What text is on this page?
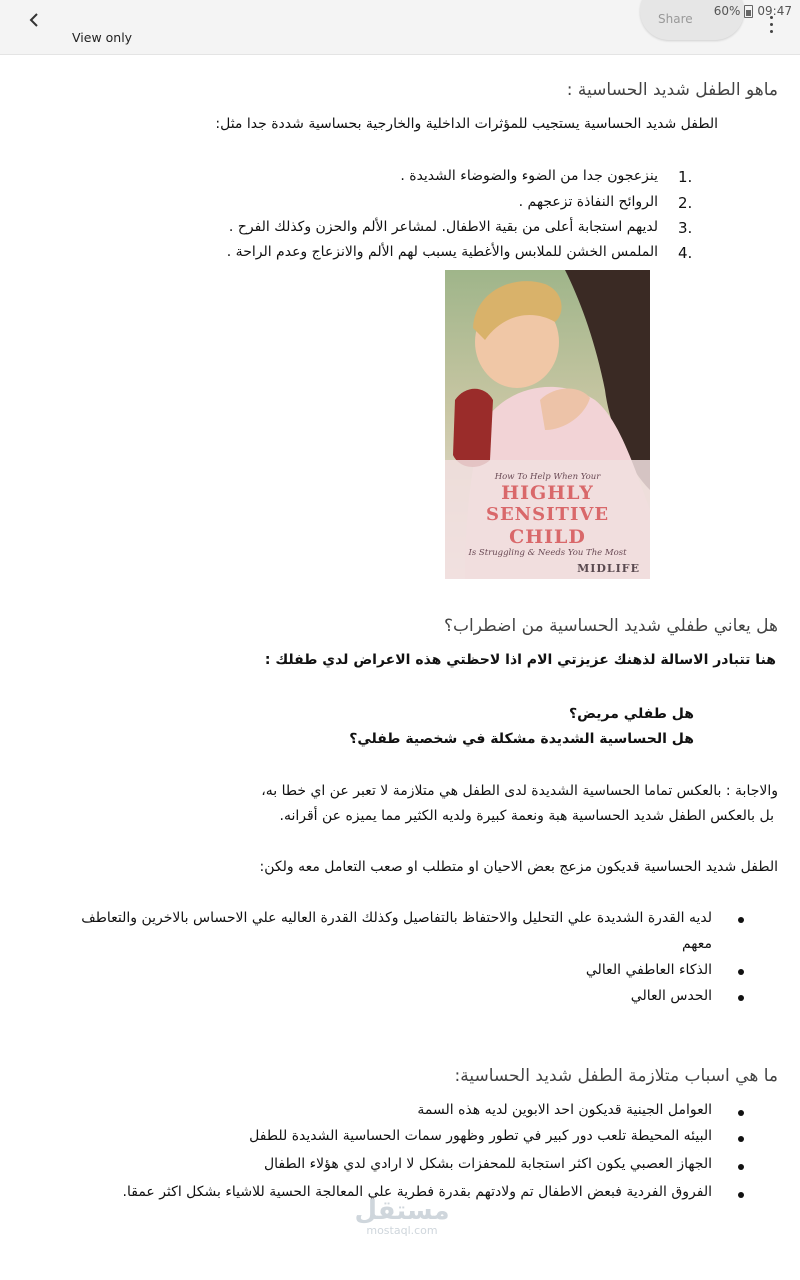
View only
Share
60% 09:47
ماهو الطفل شديد الحساسية :
الطفل شديد الحساسية يستجيب للمؤثرات الداخلية والخارجية بحساسية شددة جدا مثل:
1.
ينزعجون جدا من الضوء والضوضاء الشديدة .
2.
الروائح النفاذة تزعجهم .
3.
لديهم استجابة أعلى من بقية الاطفال. لمشاعر الألم والحزن وكذلك الفرح .
4.
الملمس الخشن للملابس والأغطية يسبب لهم الألم والانزعاج وعدم الراحة .
How To Help When Your
HIGHLY
SENSITIVE
CHILD
Is Struggling & Needs You The Most
MIDLIFE
هل يعاني طفلي شديد الحساسية من اضطراب؟
هنا تتبادر الاسالة لذهنك عزيزتي الام اذا لاحظتي هذه الاعراض لدي طفلك :
هل طفلي مريض؟
هل الحساسية الشديدة مشكلة في شخصية طفلي؟
والاجابة : بالعكس تماما الحساسية الشديدة لدى الطفل هي متلازمة لا تعبر عن اي خطا به،
بل بالعكس الطفل شديد الحساسية هبة ونعمة كبيرة ولديه الكثير مما يميزه عن أقرانه.
الطفل شديد الحساسية قديكون مزعج بعض الاحيان او متطلب او صعب التعامل معه ولكن:
لديه القدرة الشديدة علي التحليل والاحتفاظ بالتفاصيل وكذلك القدرة العاليه علي الاحساس بالاخرين والتعاطف
معهم
الذكاء العاطفي العالي
الحدس العالي
ما هي اسباب متلازمة الطفل شديد الحساسية:
العوامل الجينية قديكون احد الابوين لديه هذه السمة
البيئه المحيطة تلعب دور كبير في تطور وظهور سمات الحساسية الشديدة للطفل
الجهاز العصبي يكون اكثر استجابة للمحفزات بشكل لا ارادي لدي هؤلاء الطفال
الفروق الفردية فبعض الاطفال تم ولادتهم بقدرة فطرية علي المعالجة الحسية للاشياء بشكل اكثر عمقا.
مستقل
mostaql.com
